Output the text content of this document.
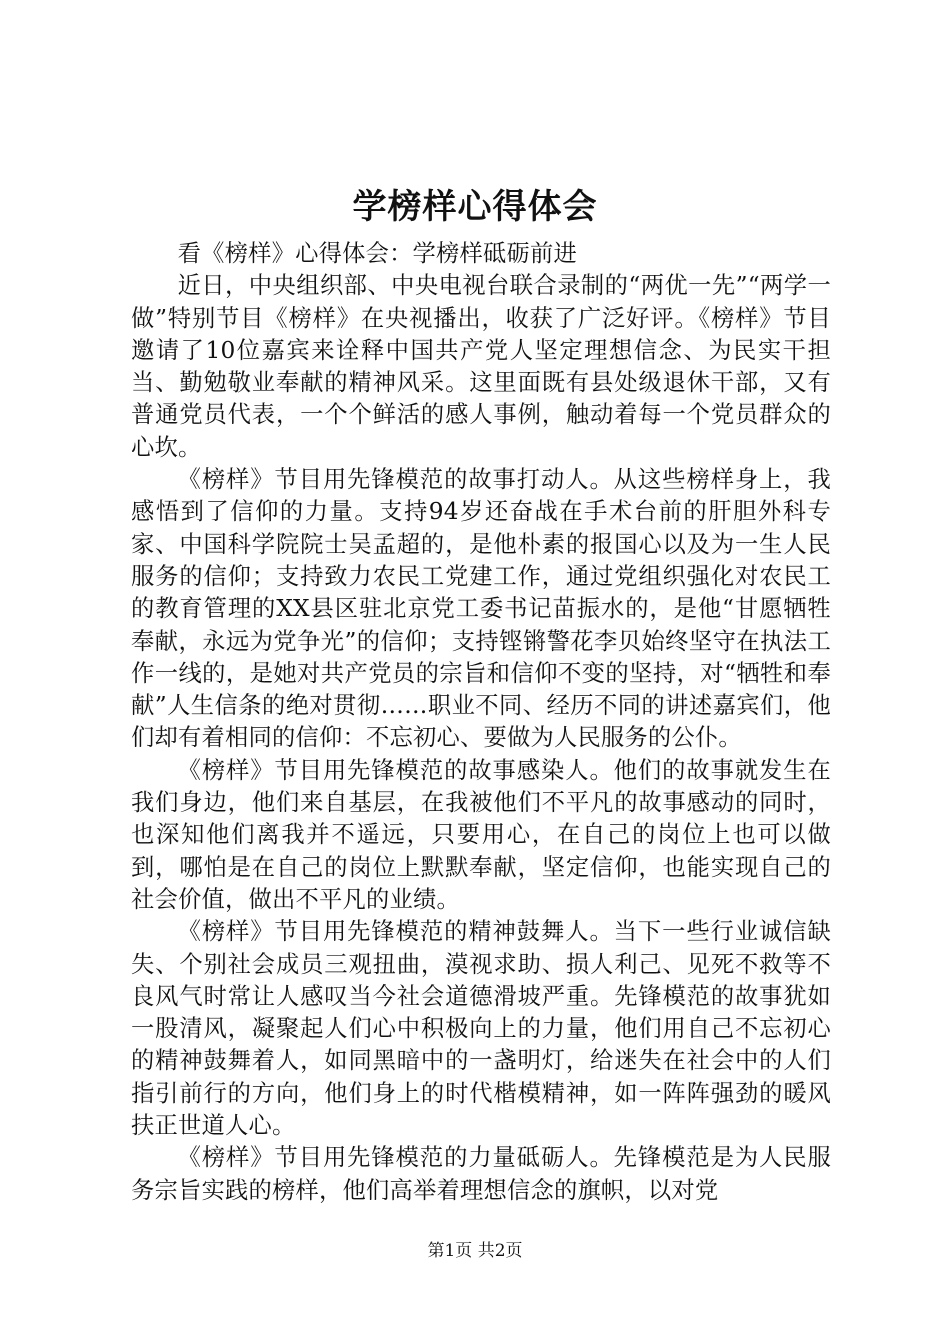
学榜样心得体会

看《榜样》心得体会：学榜样砥砺前进

近日，中央组织部、中央电视台联合录制的“两优一先”“两学一做”特别节目《榜样》在央视播出，收获了广泛好评。《榜样》节目邀请了10位嘉宾来诠释中国共产党人坚定理想信念、为民实干担当、勤勉敬业奉献的精神风采。这里面既有县处级退休干部，又有普通党员代表，一个个鲜活的感人事例，触动着每一个党员群众的心坎。

《榜样》节目用先锋模范的故事打动人。从这些榜样身上，我感悟到了信仰的力量。支持94岁还奋战在手术台前的肝胆外科专家、中国科学院院士吴孟超的，是他朴素的报国心以及为一生人民服务的信仰；支持致力农民工党建工作，通过党组织强化对农民工的教育管理的XX县区驻北京党工委书记苗振水的，是他“甘愿牺牲奉献，永远为党争光”的信仰；支持铿锵警花李贝始终坚守在执法工作一线的，是她对共产党员的宗旨和信仰不变的坚持，对“牺牲和奉献”人生信条的绝对贯彻……职业不同、经历不同的讲述嘉宾们，他们却有着相同的信仰：不忘初心、要做为人民服务的公仆。

《榜样》节目用先锋模范的故事感染人。他们的故事就发生在我们身边，他们来自基层，在我被他们不平凡的故事感动的同时，也深知他们离我并不遥远，只要用心，在自己的岗位上也可以做到，哪怕是在自己的岗位上默默奉献，坚定信仰，也能实现自己的社会价值，做出不平凡的业绩。

《榜样》节目用先锋模范的精神鼓舞人。当下一些行业诚信缺失、个别社会成员三观扭曲，漠视求助、损人利己、见死不救等不良风气时常让人感叹当今社会道德滑坡严重。先锋模范的故事犹如一股清风，凝聚起人们心中积极向上的力量，他们用自己不忘初心的精神鼓舞着人，如同黑暗中的一盏明灯，给迷失在社会中的人们指引前行的方向，他们身上的时代楷模精神，如一阵阵强劲的暖风扶正世道人心。

《榜样》节目用先锋模范的力量砥砺人。先锋模范是为人民服务宗旨实践的榜样，他们高举着理想信念的旗帜，以对党

第1页 共2页
